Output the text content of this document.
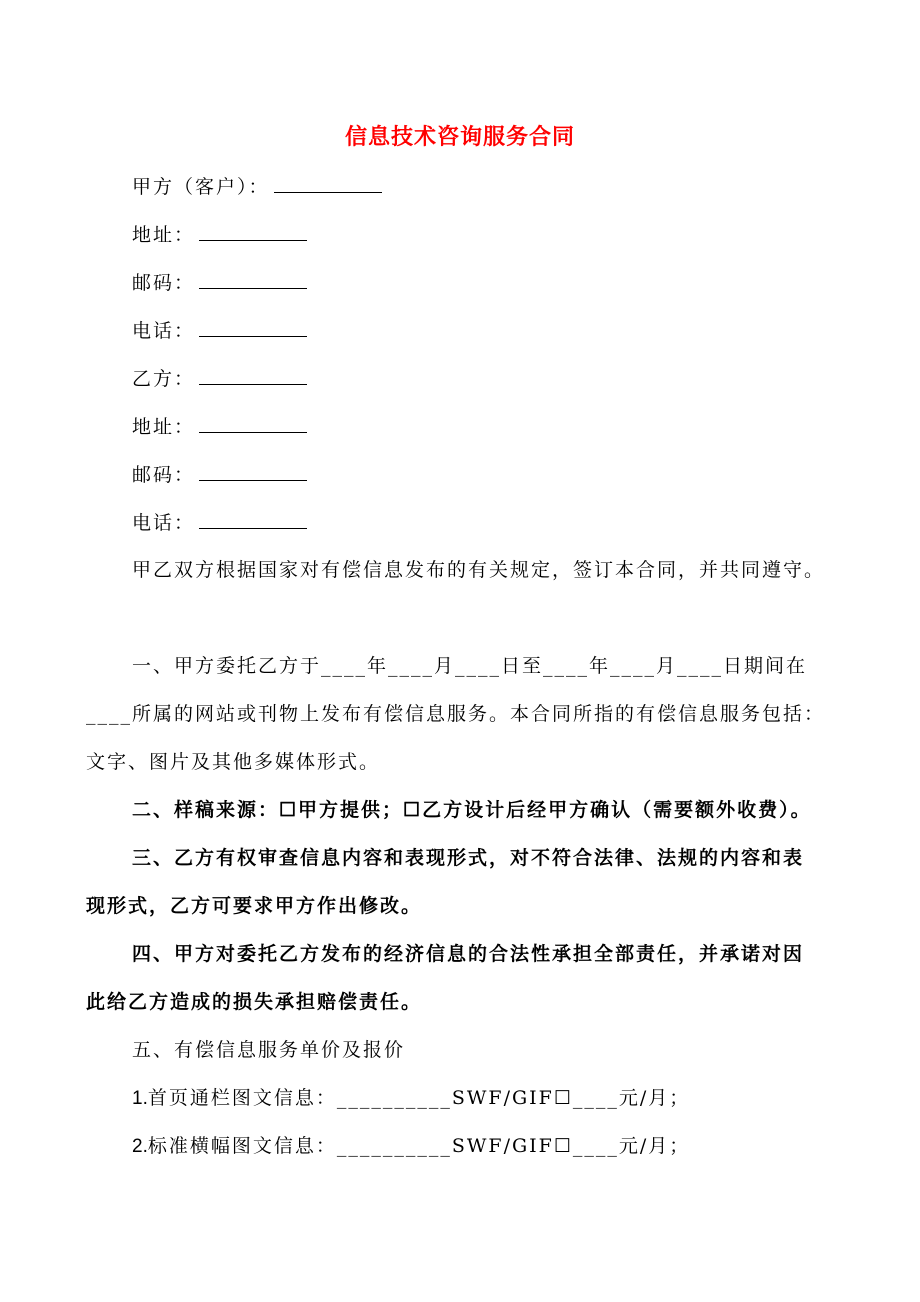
信息技术咨询服务合同
甲方（客户）：
地址：
邮码：
电话：
乙方：
地址：
邮码：
电话：
甲乙双方根据国家对有偿信息发布的有关规定，签订本合同，并共同遵守。
一、甲方委托乙方于____年____月____日至____年____月____日期间在
____所属的网站或刊物上发布有偿信息服务。本合同所指的有偿信息服务包括：
文字、图片及其他多媒体形式。
二、样稿来源：☐甲方提供；☐乙方设计后经甲方确认（需要额外收费）。
三、乙方有权审查信息内容和表现形式，对不符合法律、法规的内容和表
现形式，乙方可要求甲方作出修改。
四、甲方对委托乙方发布的经济信息的合法性承担全部责任，并承诺对因
此给乙方造成的损失承担赔偿责任。
五、有偿信息服务单价及报价
1.首页通栏图文信息：__________SWF/GIF☐____元/月；
2.标准横幅图文信息：__________SWF/GIF☐____元/月；
